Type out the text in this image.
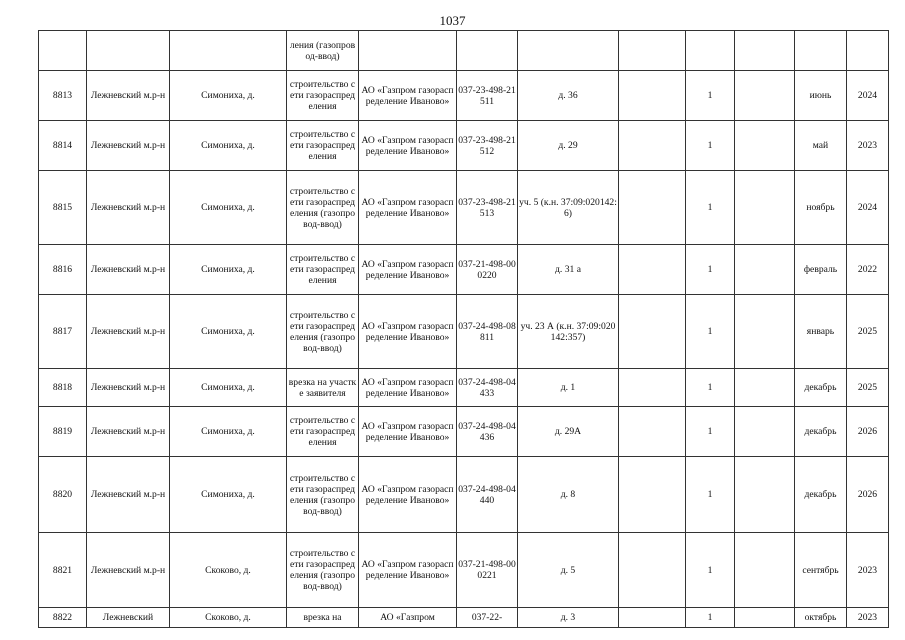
1037
			ления (газопровод-ввод)								
8813	Лежневский м.р-н	Симониха, д.	строительство сети газораспределения	АО «Газпром газораспределение Иваново»	037-23-498-21511	д. 36		1		июнь	2024
8814	Лежневский м.р-н	Симониха, д.	строительство сети газораспределения	АО «Газпром газораспределение Иваново»	037-23-498-21512	д. 29		1		май	2023
8815	Лежневский м.р-н	Симониха, д.	строительство сети газораспределения (газопровод-ввод)	АО «Газпром газораспределение Иваново»	037-23-498-21513	уч. 5 (к.н. 37:09:020142:6)		1		ноябрь	2024
8816	Лежневский м.р-н	Симониха, д.	строительство сети газораспределения	АО «Газпром газораспределение Иваново»	037-21-498-000220	д. 31 а		1		февраль	2022
8817	Лежневский м.р-н	Симониха, д.	строительство сети газораспределения (газопровод-ввод)	АО «Газпром газораспределение Иваново»	037-24-498-08811	уч. 23 А (к.н. 37:09:020142:357)		1		январь	2025
8818	Лежневский м.р-н	Симониха, д.	врезка на участке заявителя	АО «Газпром газораспределение Иваново»	037-24-498-04433	д. 1		1		декабрь	2025
8819	Лежневский м.р-н	Симониха, д.	строительство сети газораспределения	АО «Газпром газораспределение Иваново»	037-24-498-04436	д. 29А		1		декабрь	2026
8820	Лежневский м.р-н	Симониха, д.	строительство сети газораспределения (газопровод-ввод)	АО «Газпром газораспределение Иваново»	037-24-498-04440	д. 8		1		декабрь	2026
8821	Лежневский м.р-н	Скоково, д.	строительство сети газораспределения (газопровод-ввод)	АО «Газпром газораспределение Иваново»	037-21-498-000221	д. 5		1		сентябрь	2023
8822	Лежневский	Скоково, д.	врезка на	АО «Газпром	037-22-	д. 3		1		октябрь	2023
